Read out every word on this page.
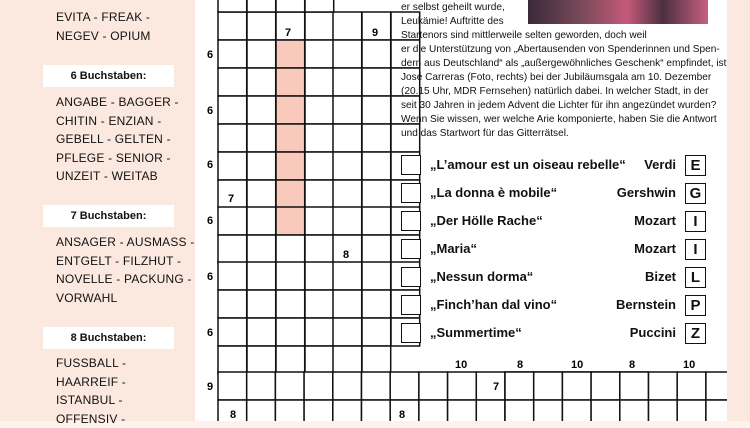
EVITA - FREAK -
NEGEV - OPIUM
6 Buchstaben:
ANGABE - BAGGER -
CHITIN - ENZIAN -
GEBELL - GELTEN -
PFLEGE - SENIOR -
UNZEIT - WEITAB
7 Buchstaben:
ANSAGER - AUSMASS -
ENTGELT - FILZHUT -
NOVELLE - PACKUNG -
VORWAHL
8 Buchstaben:
FUSSBALL -
HAARREIF -
ISTANBUL -
OFFENSIV -
6
7	9
6
6
7
6
8
6
6
10	8	10	8	10
9	7
8	8
er selbst geheilt wurde,
Leukämie! Auftritte des
Startenors sind mittlerweile selten geworden, doch weil
er die Unterstützung von „Abertausenden von Spenderinnen und Spen-
dern aus Deutschland“ als „außergewöhnliches Geschenk“ empfindet, ist
José Carreras (Foto, rechts) bei der Jubiläumsgala am 10. Dezember
(20.15 Uhr, MDR Fernsehen) natürlich dabei. In welcher Stadt, in der
seit 30 Jahren in jedem Advent die Lichter für ihn angezündet wurden?
Wenn Sie wissen, wer welche Arie komponierte, haben Sie die Antwort
und das Startwort für das Gitterrätsel.
„L’amour est un oiseau rebelle“ Verdi E
„La donna è mobile“	Gershwin G
„Der Hölle Rache“	Mozart	I
„Maria“	Mozart	I
„Nessun dorma“	Bizet L
„Finch’han dal vino“	Bernstein P
„Summertime“	Puccini Z
